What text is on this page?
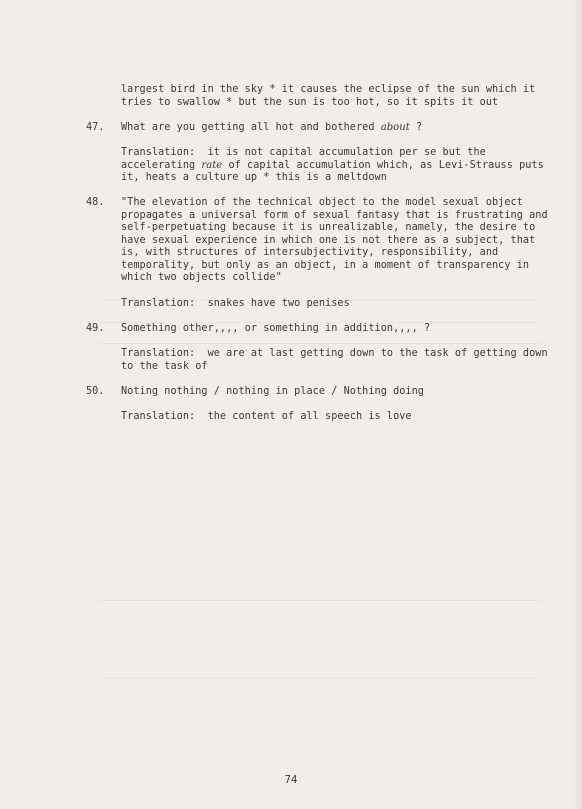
largest bird in the sky * it causes the eclipse of the sun which it
tries to swallow * but the sun is too hot, so it spits it out
47. What are you getting all hot and bothered about ?
Translation:  it is not capital accumulation per se but the
accelerating rate of capital accumulation which, as Levi-Strauss puts
it, heats a culture up * this is a meltdown
48. "The elevation of the technical object to the model sexual object
propagates a universal form of sexual fantasy that is frustrating and
self-perpetuating because it is unrealizable, namely, the desire to
have sexual experience in which one is not there as a subject, that
is, with structures of intersubjectivity, responsibility, and
temporality, but only as an object, in a moment of transparency in
which two objects collide"
Translation:  snakes have two penises
49. Something other,,,, or something in addition,,,, ?
Translation:  we are at last getting down to the task of getting down
to the task of
50. Noting nothing / nothing in place / Nothing doing
Translation:  the content of all speech is love
74
